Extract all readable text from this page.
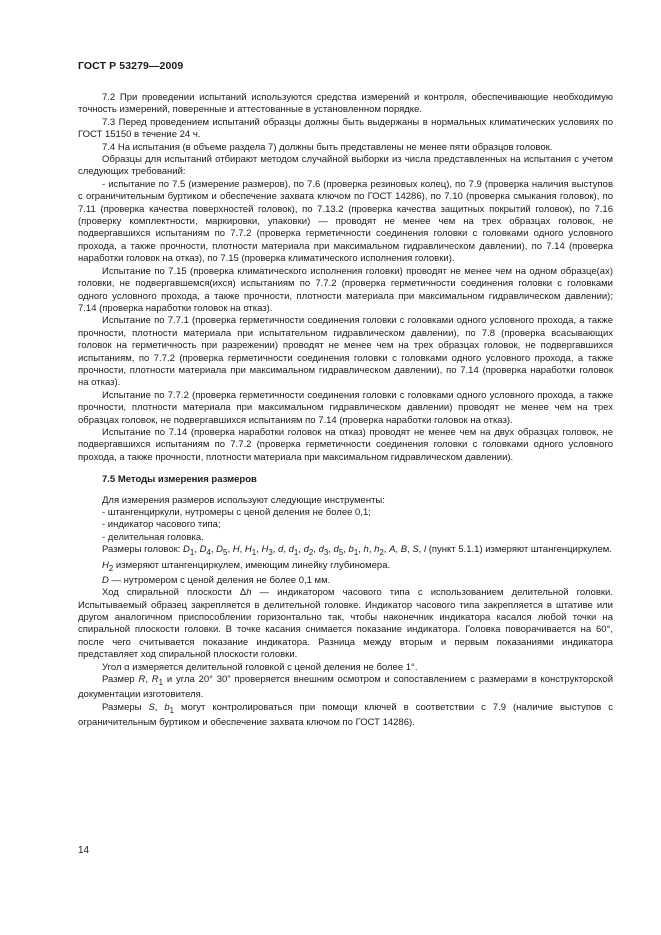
ГОСТ Р 53279—2009

7.2 При проведении испытаний используются средства измерений и контроля, обеспечивающие необходимую точность измерений, поверенные и аттестованные в установленном порядке.

7.3 Перед проведением испытаний образцы должны быть выдержаны в нормальных климатических условиях по ГОСТ 15150 в течение 24 ч.

7.4 На испытания (в объеме раздела 7) должны быть представлены не менее пяти образцов головок.

Образцы для испытаний отбирают методом случайной выборки из числа представленных на испытания с учетом следующих требований:

- испытание по 7.5 (измерение размеров), по 7.6 (проверка резиновых колец), по 7.9 (проверка наличия выступов с ограничительным буртиком и обеспечение захвата ключом по ГОСТ 14286), по 7.10 (проверка смыкания головок), по 7.11 (проверка качества поверхностей головок), по 7.13.2 (проверка качества защитных покрытий головок), по 7.16 (проверку комплектности, маркировки, упаковки) — проводят не менее чем на трех образцах головок, не подвергавшихся испытаниям по 7.7.2 (проверка герметичности соединения головки с головками одного условного прохода, а также прочности, плотности материала при максимальном гидравлическом давлении), по 7.14 (проверка наработки головок на отказ), по 7.15 (проверка климатического исполнения головки).

Испытание по 7.15 (проверка климатического исполнения головки) проводят не менее чем на одном образце(ах) головки, не подвергавшемся(ихся) испытаниям по 7.7.2 (проверка герметичности соединения головки с головками одного условного прохода, а также прочности, плотности материала при максимальном гидравлическом давлении); 7.14 (проверка наработки головок на отказ).

Испытание по 7.7.1 (проверка герметичности соединения головки с головками одного условного прохода, а также прочности, плотности материала при испытательном гидравлическом давлении), по 7.8 (проверка всасывающих головок на герметичность при разрежении) проводят не менее чем на трех образцах головок, не подвергавшихся испытаниям, по 7.7.2 (проверка герметичности соединения головки с головками одного условного прохода, а также прочности, плотности материала при максимальном гидравлическом давлении), по 7.14 (проверка наработки головок на отказ).

Испытание по 7.7.2 (проверка герметичности соединения головки с головками одного условного прохода, а также прочности, плотности материала при максимальном гидравлическом давлении) проводят не менее чем на трех образцах головок, не подвергавшихся испытаниям по 7.14 (проверка наработки головок на отказ).

Испытание по 7.14 (проверка наработки головок на отказ) проводят не менее чем на двух образцах головок, не подвергавшихся испытаниям по 7.7.2 (проверка герметичности соединения головки с головками одного условного прохода, а также прочности, плотности материала при максимальном гидравлическом давлении).

7.5 Методы измерения размеров

Для измерения размеров используют следующие инструменты:

- штангенциркули, нутромеры с ценой деления не более 0,1;

- индикатор часового типа;

- делительная головка.

Размеры головок: $D_1$, $D_4$, $D_5$, H, $H_1$, $H_3$, d, $d_1$, $d_2$, $d_3$, $d_5$, $b_1$, h, $h_2$, A, B, S, l (пункт 5.1.1) измеряют штангенциркулем.

$H_2$ измеряют штангенциркулем, имеющим линейку глубиномера.

D — нутромером с ценой деления не более 0,1 мм.

Ход спиральной плоскости Δh — индикатором часового типа с использованием делительной головки. Испытываемый образец закрепляется в делительной головке. Индикатор часового типа закрепляется в штативе или другом аналогичном приспособлении горизонтально так, чтобы наконечник индикатора касался любой точки на спиральной плоскости головки. В точке касания снимается показание индикатора. Головка поворачивается на 60°, после чего считывается показание индикатора. Разница между вторым и первым показаниями индикатора представляет ход спиральной плоскости головки.

Угол α измеряется делительной головкой с ценой деления не более 1°.

Размер R, $R_1$ и угла 20° 30" проверяется внешним осмотром и сопоставлением с размерами в конструкторской документации изготовителя.

Размеры S, $b_1$ могут контролироваться при помощи ключей в соответствии с 7.9 (наличие выступов с ограничительным буртиком и обеспечение захвата ключом по ГОСТ 14286).

14
